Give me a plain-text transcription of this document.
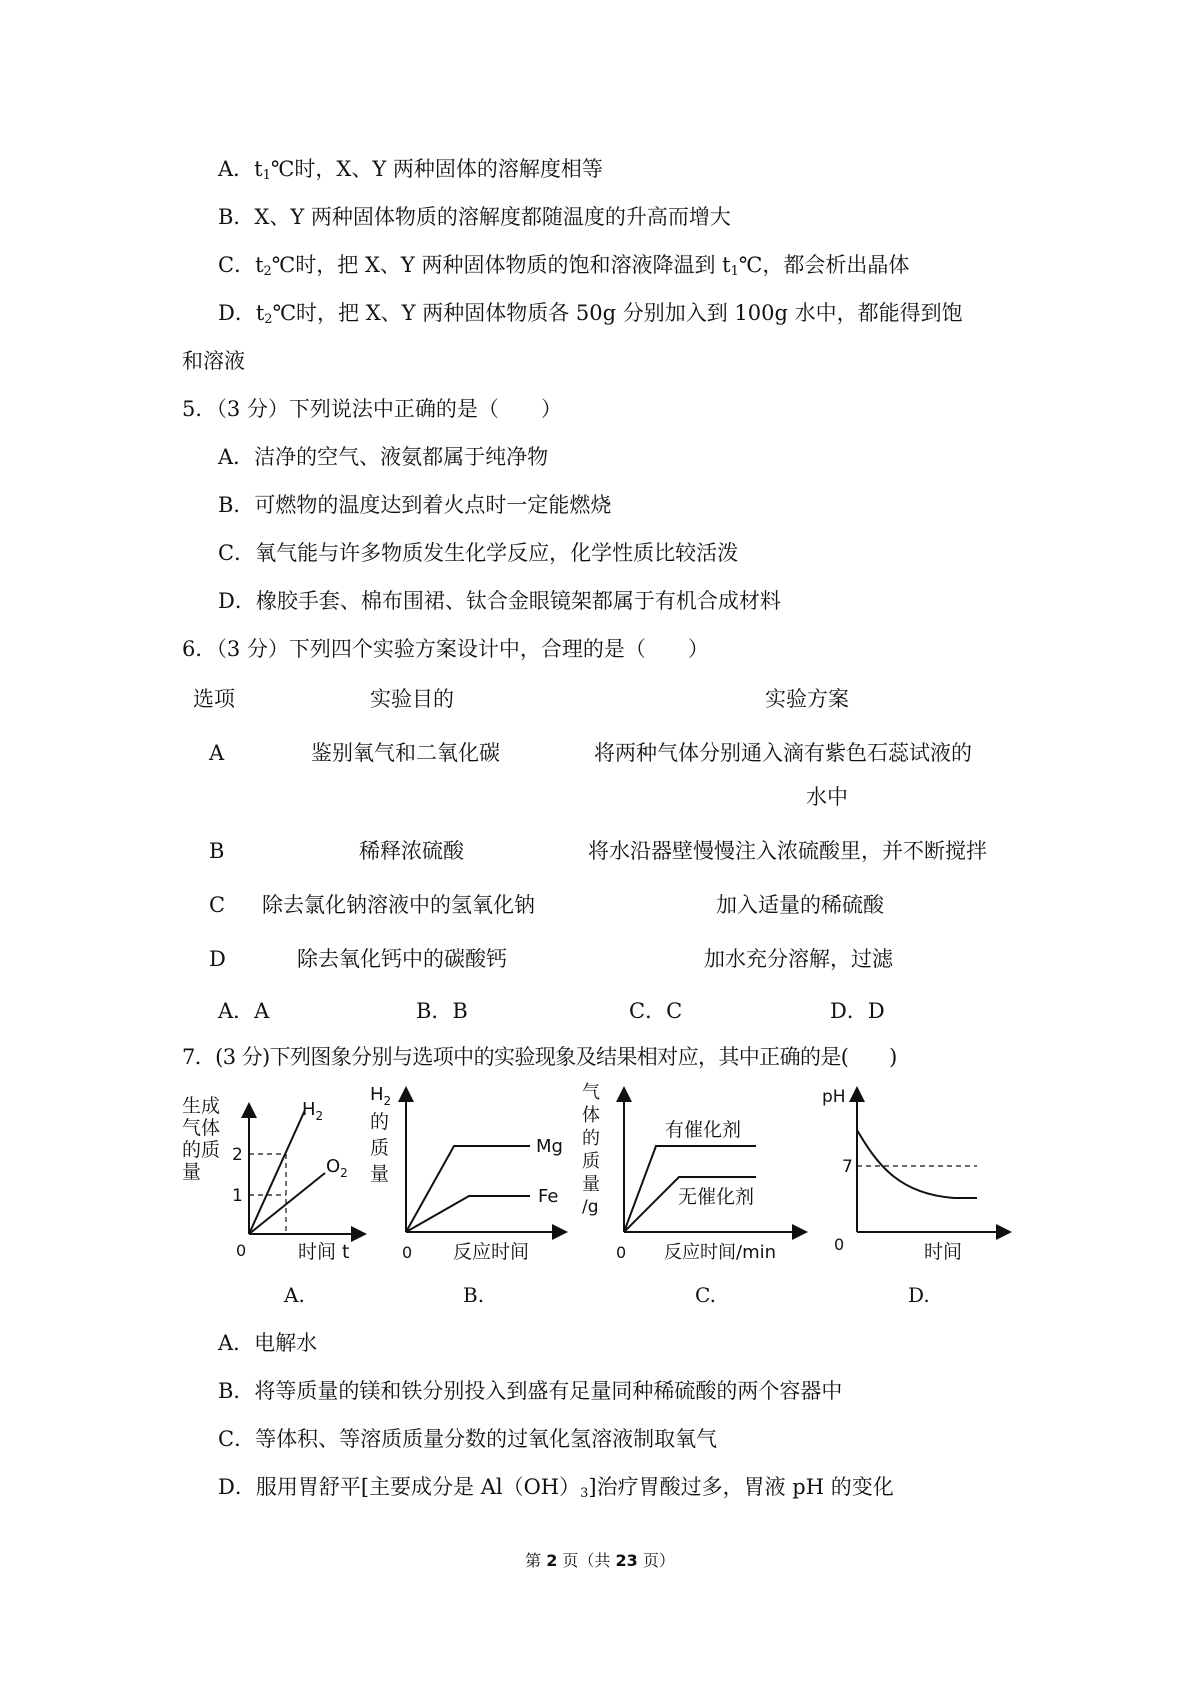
A．$t_1℃$时，X、Y 两种固体的溶解度相等
B．X、Y 两种固体物质的溶解度都随温度的升高而增大
C．$t_2℃$时，把 X、Y 两种固体物质的饱和溶液降温到 $t_1℃$，都会析出晶体
D．$t_2℃$时，把 X、Y 两种固体物质各 50g 分别加入到 100g 水中，都能得到饱
和溶液
5．（3 分）下列说法中正确的是（　　）
A．洁净的空气、液氨都属于纯净物
B．可燃物的温度达到着火点时一定能燃烧
C．氧气能与许多物质发生化学反应，化学性质比较活泼
D．橡胶手套、棉布围裙、钛合金眼镜架都属于有机合成材料
6．（3 分）下列四个实验方案设计中，合理的是（　　）
选项	实验目的	实验方案
A	鉴别氧气和二氧化碳	将两种气体分别通入滴有紫色石蕊试液的
水中
B	稀释浓硫酸	将水沿器壁慢慢注入浓硫酸里，并不断搅拌
C 除去氯化钠溶液中的氢氧化钠	加入适量的稀硫酸
D	除去氧化钙中的碳酸钙	加水充分溶解，过滤
A．A	B．B	C．C	D．D
7．(3 分)下列图象分别与选项中的实验现象及结果相对应，其中正确的是(　　)
生成
气体
的质
量
2
1
0	时间 t
$H_2$
$O_2$
A.
$H_2$
的
质
量
0 反应时间
Mg
Fe
B.
气
体
的
质
量
/g
0 反应时间/min
有催化剂
无催化剂
C.
pH
7
0	时间
D.
A．电解水
B．将等质量的镁和铁分别投入到盛有足量同种稀硫酸的两个容器中
C．等体积、等溶质质量分数的过氧化氢溶液制取氧气
D．服用胃舒平[主要成分是 $Al(OH)_3$]治疗胃酸过多，胃液 pH 的变化
第 2 页（共 23 页）
